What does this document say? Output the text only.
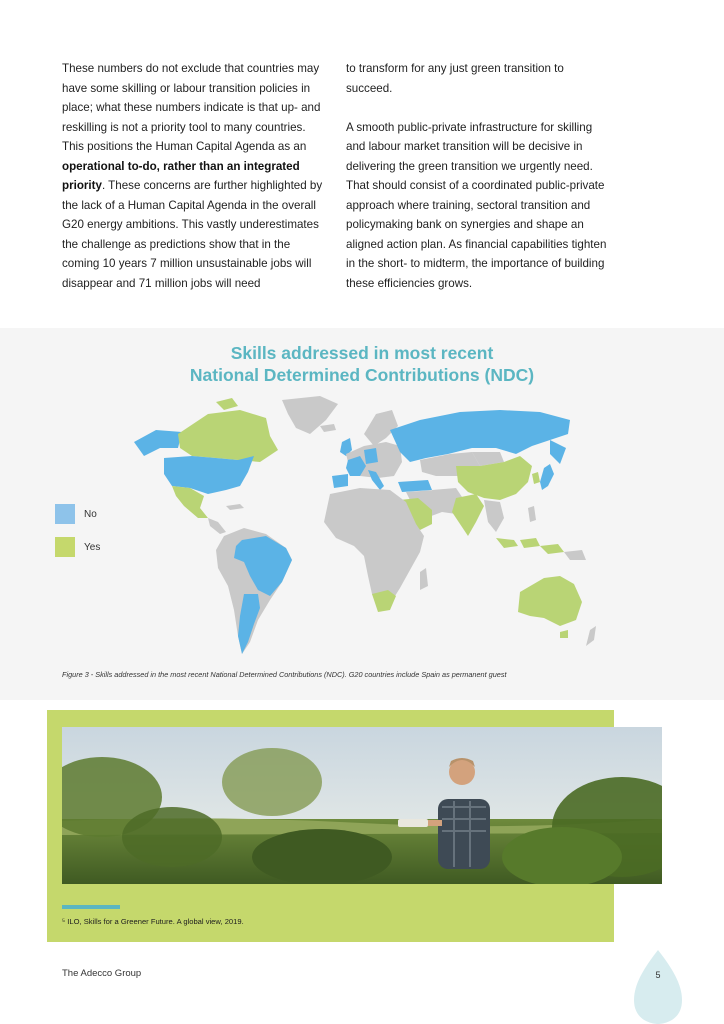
These numbers do not exclude that countries may have some skilling or labour transition policies in place; what these numbers indicate is that up- and reskilling is not a priority tool to many countries. This positions the Human Capital Agenda as an operational to-do, rather than an integrated priority. These concerns are further highlighted by the lack of a Human Capital Agenda in the overall G20 energy ambitions. This vastly underestimates the challenge as predictions show that in the coming 10 years 7 million unsustainable jobs will disappear and 71 million jobs will need

to transform for any just green transition to succeed.

A smooth public-private infrastructure for skilling and labour market transition will be decisive in delivering the green transition we urgently need. That should consist of a coordinated public-private approach where training, sectoral transition and policymaking bank on synergies and shape an aligned action plan. As financial capabilities tighten in the short- to midterm, the importance of building these efficiencies grows.

Skills addressed in most recent
National Determined Contributions (NDC)
No
Yes
Figure 3 - Skills addressed in the most recent National Determined Contributions (NDC). G20 countries include Spain as permanent guest
⁵ ILO, Skills for a Greener Future. A global view, 2019.
The Adecco Group	5
